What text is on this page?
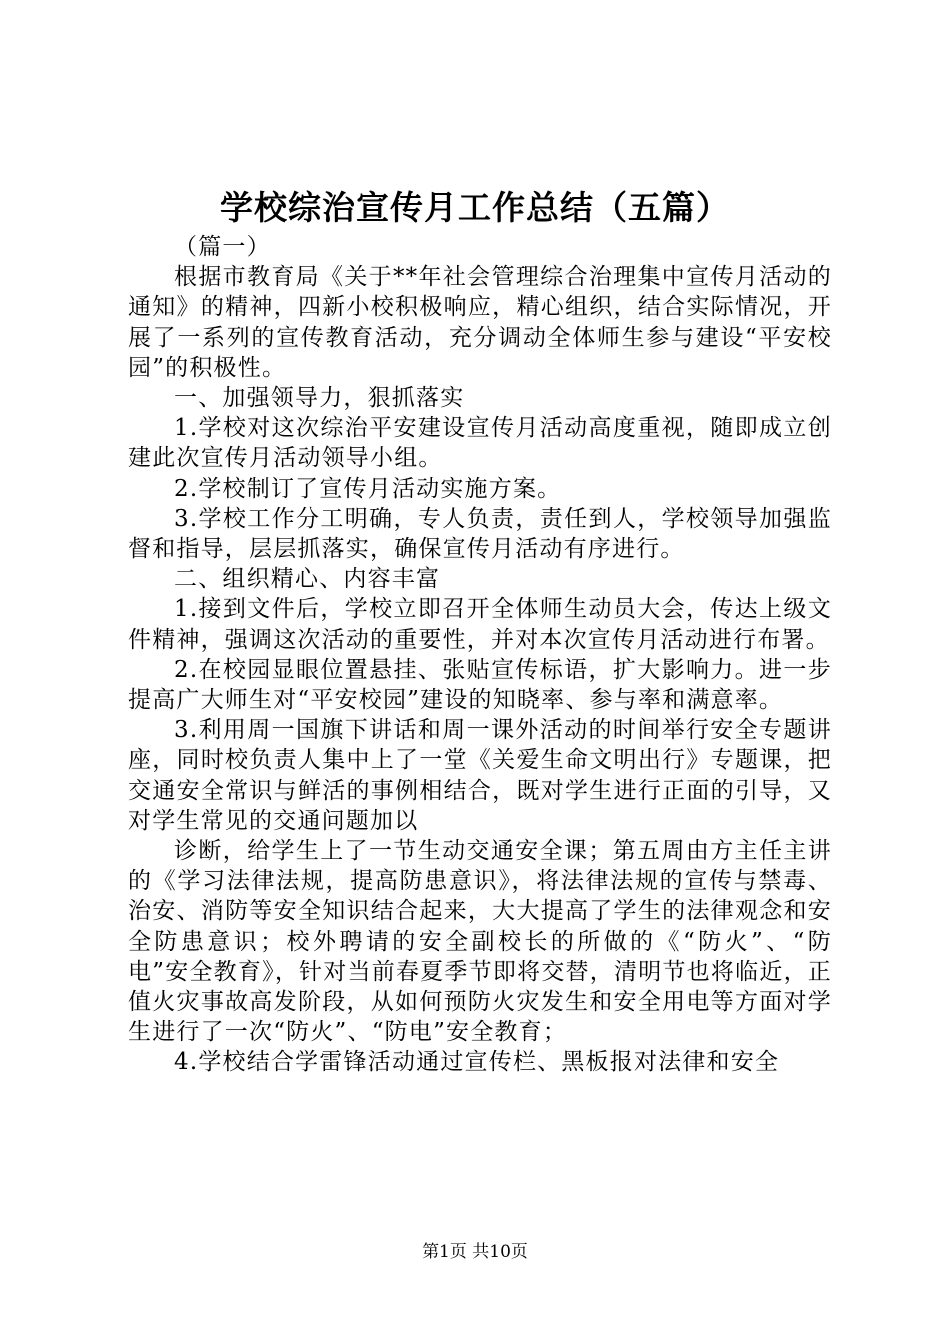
学校综治宣传月工作总结（五篇）

（篇一）

根据市教育局《关于**年社会管理综合治理集中宣传月活动的通知》的精神，四新小校积极响应，精心组织，结合实际情况，开展了一系列的宣传教育活动，充分调动全体师生参与建设“平安校园”的积极性。

一、加强领导力，狠抓落实

1.学校对这次综治平安建设宣传月活动高度重视，随即成立创建此次宣传月活动领导小组。

2.学校制订了宣传月活动实施方案。

3.学校工作分工明确，专人负责，责任到人，学校领导加强监督和指导，层层抓落实，确保宣传月活动有序进行。

二、组织精心、内容丰富

1.接到文件后，学校立即召开全体师生动员大会，传达上级文件精神，强调这次活动的重要性，并对本次宣传月活动进行布署。

2.在校园显眼位置悬挂、张贴宣传标语，扩大影响力。进一步提高广大师生对“平安校园”建设的知晓率、参与率和满意率。

3.利用周一国旗下讲话和周一课外活动的时间举行安全专题讲座，同时校负责人集中上了一堂《关爱生命文明出行》专题课，把交通安全常识与鲜活的事例相结合，既对学生进行正面的引导，又对学生常见的交通问题加以

诊断，给学生上了一节生动交通安全课；第五周由方主任主讲的《学习法律法规，提高防患意识》，将法律法规的宣传与禁毒、治安、消防等安全知识结合起来，大大提高了学生的法律观念和安全防患意识；校外聘请的安全副校长的所做的《“防火”、“防电”安全教育》，针对当前春夏季节即将交替，清明节也将临近，正值火灾事故高发阶段，从如何预防火灾发生和安全用电等方面对学生进行了一次“防火”、“防电”安全教育；

4.学校结合学雷锋活动通过宣传栏、黑板报对法律和安全

第1页 共10页
